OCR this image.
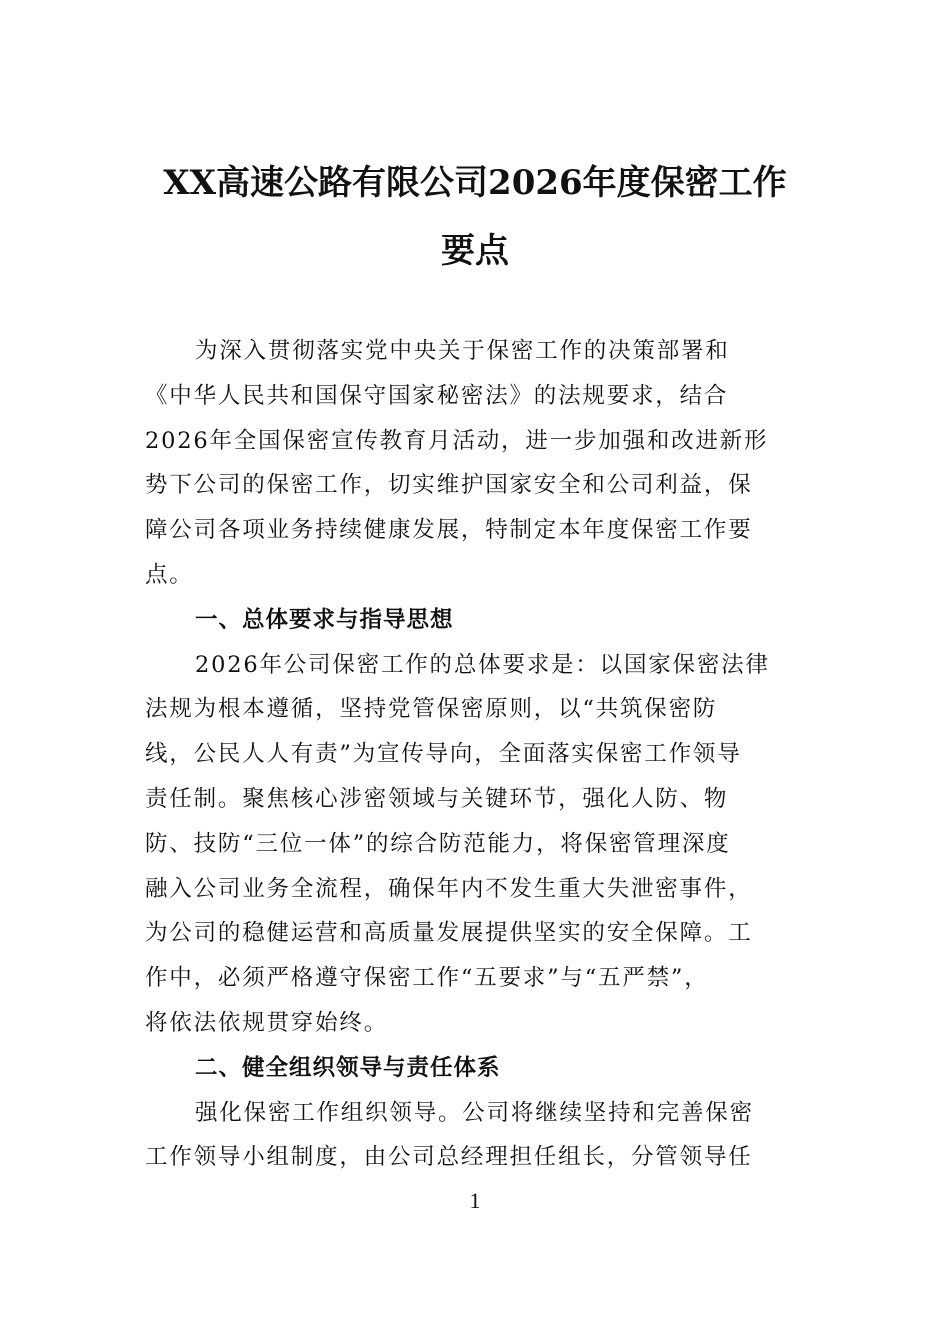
XX高速公路有限公司2026年度保密工作
要点
为深入贯彻落实党中央关于保密工作的决策部署和
《中华人民共和国保守国家秘密法》的法规要求，结合
2026年全国保密宣传教育月活动，进一步加强和改进新形
势下公司的保密工作，切实维护国家安全和公司利益，保
障公司各项业务持续健康发展，特制定本年度保密工作要
点。
一、总体要求与指导思想
2026年公司保密工作的总体要求是：以国家保密法律
法规为根本遵循，坚持党管保密原则，以“共筑保密防
线，公民人人有责”为宣传导向，全面落实保密工作领导
责任制。聚焦核心涉密领域与关键环节，强化人防、物
防、技防“三位一体”的综合防范能力，将保密管理深度
融入公司业务全流程，确保年内不发生重大失泄密事件，
为公司的稳健运营和高质量发展提供坚实的安全保障。工
作中，必须严格遵守保密工作“五要求”与“五严禁”，
将依法依规贯穿始终。
二、健全组织领导与责任体系
强化保密工作组织领导。公司将继续坚持和完善保密
工作领导小组制度，由公司总经理担任组长，分管领导任
1
